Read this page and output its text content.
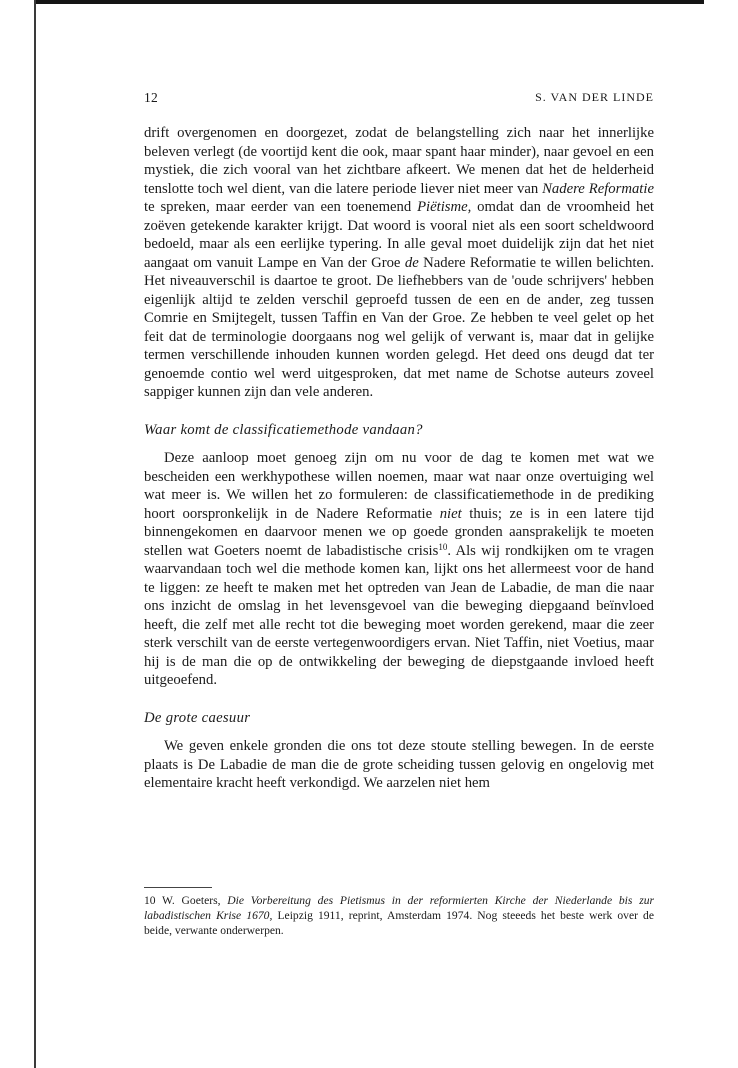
12	S. VAN DER LINDE

drift overgenomen en doorgezet, zodat de belangstelling zich naar het innerlijke beleven verlegt (de voortijd kent die ook, maar spant haar minder), naar gevoel en een mystiek, die zich vooral van het zichtbare afkeert. We menen dat het de helderheid tenslotte toch wel dient, van die latere periode liever niet meer van Nadere Reformatie te spreken, maar eerder van een toenemend Piëtisme, omdat dan de vroomheid het zoëven getekende karakter krijgt. Dat woord is vooral niet als een soort scheldwoord bedoeld, maar als een eerlijke typering. In alle geval moet duidelijk zijn dat het niet aangaat om vanuit Lampe en Van der Groe de Nadere Reformatie te willen belichten. Het niveauverschil is daartoe te groot. De liefhebbers van de 'oude schrijvers' hebben eigenlijk altijd te zelden verschil geproefd tussen de een en de ander, zeg tussen Comrie en Smijtegelt, tussen Taffin en Van der Groe. Ze hebben te veel gelet op het feit dat de terminologie doorgaans nog wel gelijk of verwant is, maar dat in gelijke termen verschillende inhouden kunnen worden gelegd. Het deed ons deugd dat ter genoemde contio wel werd uitgesproken, dat met name de Schotse auteurs zoveel sappiger kunnen zijn dan vele anderen.

Waar komt de classificatiemethode vandaan?

Deze aanloop moet genoeg zijn om nu voor de dag te komen met wat we bescheiden een werkhypothese willen noemen, maar wat naar onze overtuiging wel wat meer is. We willen het zo formuleren: de classificatiemethode in de prediking hoort oorspronkelijk in de Nadere Reformatie niet thuis; ze is in een latere tijd binnengekomen en daarvoor menen we op goede gronden aansprakelijk te moeten stellen wat Goeters noemt de labadistische crisis$^{10}$. Als wij rondkijken om te vragen waarvandaan toch wel die methode komen kan, lijkt ons het allermeest voor de hand te liggen: ze heeft te maken met het optreden van Jean de Labadie, de man die naar ons inzicht de omslag in het levensgevoel van die beweging diepgaand beïnvloed heeft, die zelf met alle recht tot die beweging moet worden gerekend, maar die zeer sterk verschilt van de eerste vertegenwoordigers ervan. Niet Taffin, niet Voetius, maar hij is de man die op de ontwikkeling der beweging de diepstgaande invloed heeft uitgeoefend.

De grote caesuur

We geven enkele gronden die ons tot deze stoute stelling bewegen. In de eerste plaats is De Labadie de man die de grote scheiding tussen gelovig en ongelovig met elementaire kracht heeft verkondigd. We aarzelen niet hem

10 W. Goeters, Die Vorbereitung des Pietismus in der reformierten Kirche der Niederlande bis zur labadistischen Krise 1670, Leipzig 1911, reprint, Amsterdam 1974. Nog steeeds het beste werk over de beide, verwante onderwerpen.
